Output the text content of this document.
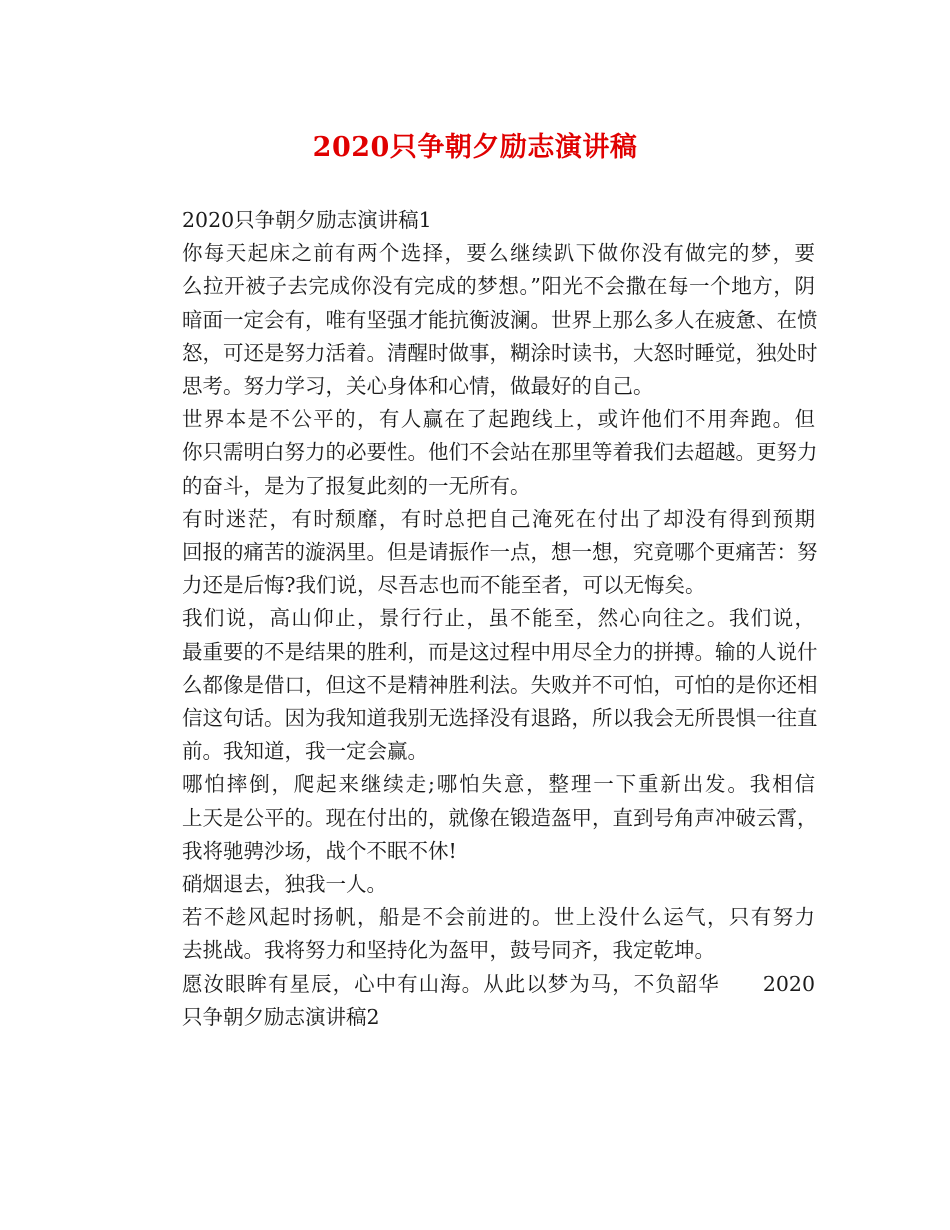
2020只争朝夕励志演讲稿

2020只争朝夕励志演讲稿1

你每天起床之前有两个选择，要么继续趴下做你没有做完的梦，要
么拉开被子去完成你没有完成的梦想。”阳光不会撒在每一个地方，阴
暗面一定会有，唯有坚强才能抗衡波澜。世界上那么多人在疲惫、在愤
怒，可还是努力活着。清醒时做事，糊涂时读书，大怒时睡觉，独处时
思考。努力学习，关心身体和心情，做最好的自己。

世界本是不公平的，有人赢在了起跑线上，或许他们不用奔跑。但
你只需明白努力的必要性。他们不会站在那里等着我们去超越。更努力
的奋斗，是为了报复此刻的一无所有。

有时迷茫，有时颓靡，有时总把自己淹死在付出了却没有得到预期
回报的痛苦的漩涡里。但是请振作一点，想一想，究竟哪个更痛苦：努
力还是后悔?我们说，尽吾志也而不能至者，可以无悔矣。

我们说，高山仰止，景行行止，虽不能至，然心向往之。我们说，
最重要的不是结果的胜利，而是这过程中用尽全力的拼搏。输的人说什
么都像是借口，但这不是精神胜利法。失败并不可怕，可怕的是你还相
信这句话。因为我知道我别无选择没有退路，所以我会无所畏惧一往直
前。我知道，我一定会赢。

哪怕摔倒，爬起来继续走;哪怕失意，整理一下重新出发。我相信
上天是公平的。现在付出的，就像在锻造盔甲，直到号角声冲破云霄，
我将驰骋沙场，战个不眠不休!

硝烟退去，独我一人。

若不趁风起时扬帆，船是不会前进的。世上没什么运气，只有努力
去挑战。我将努力和坚持化为盔甲，鼓号同齐，我定乾坤。

愿汝眼眸有星辰，心中有山海。从此以梦为马，不负韶华　　2020
只争朝夕励志演讲稿2
